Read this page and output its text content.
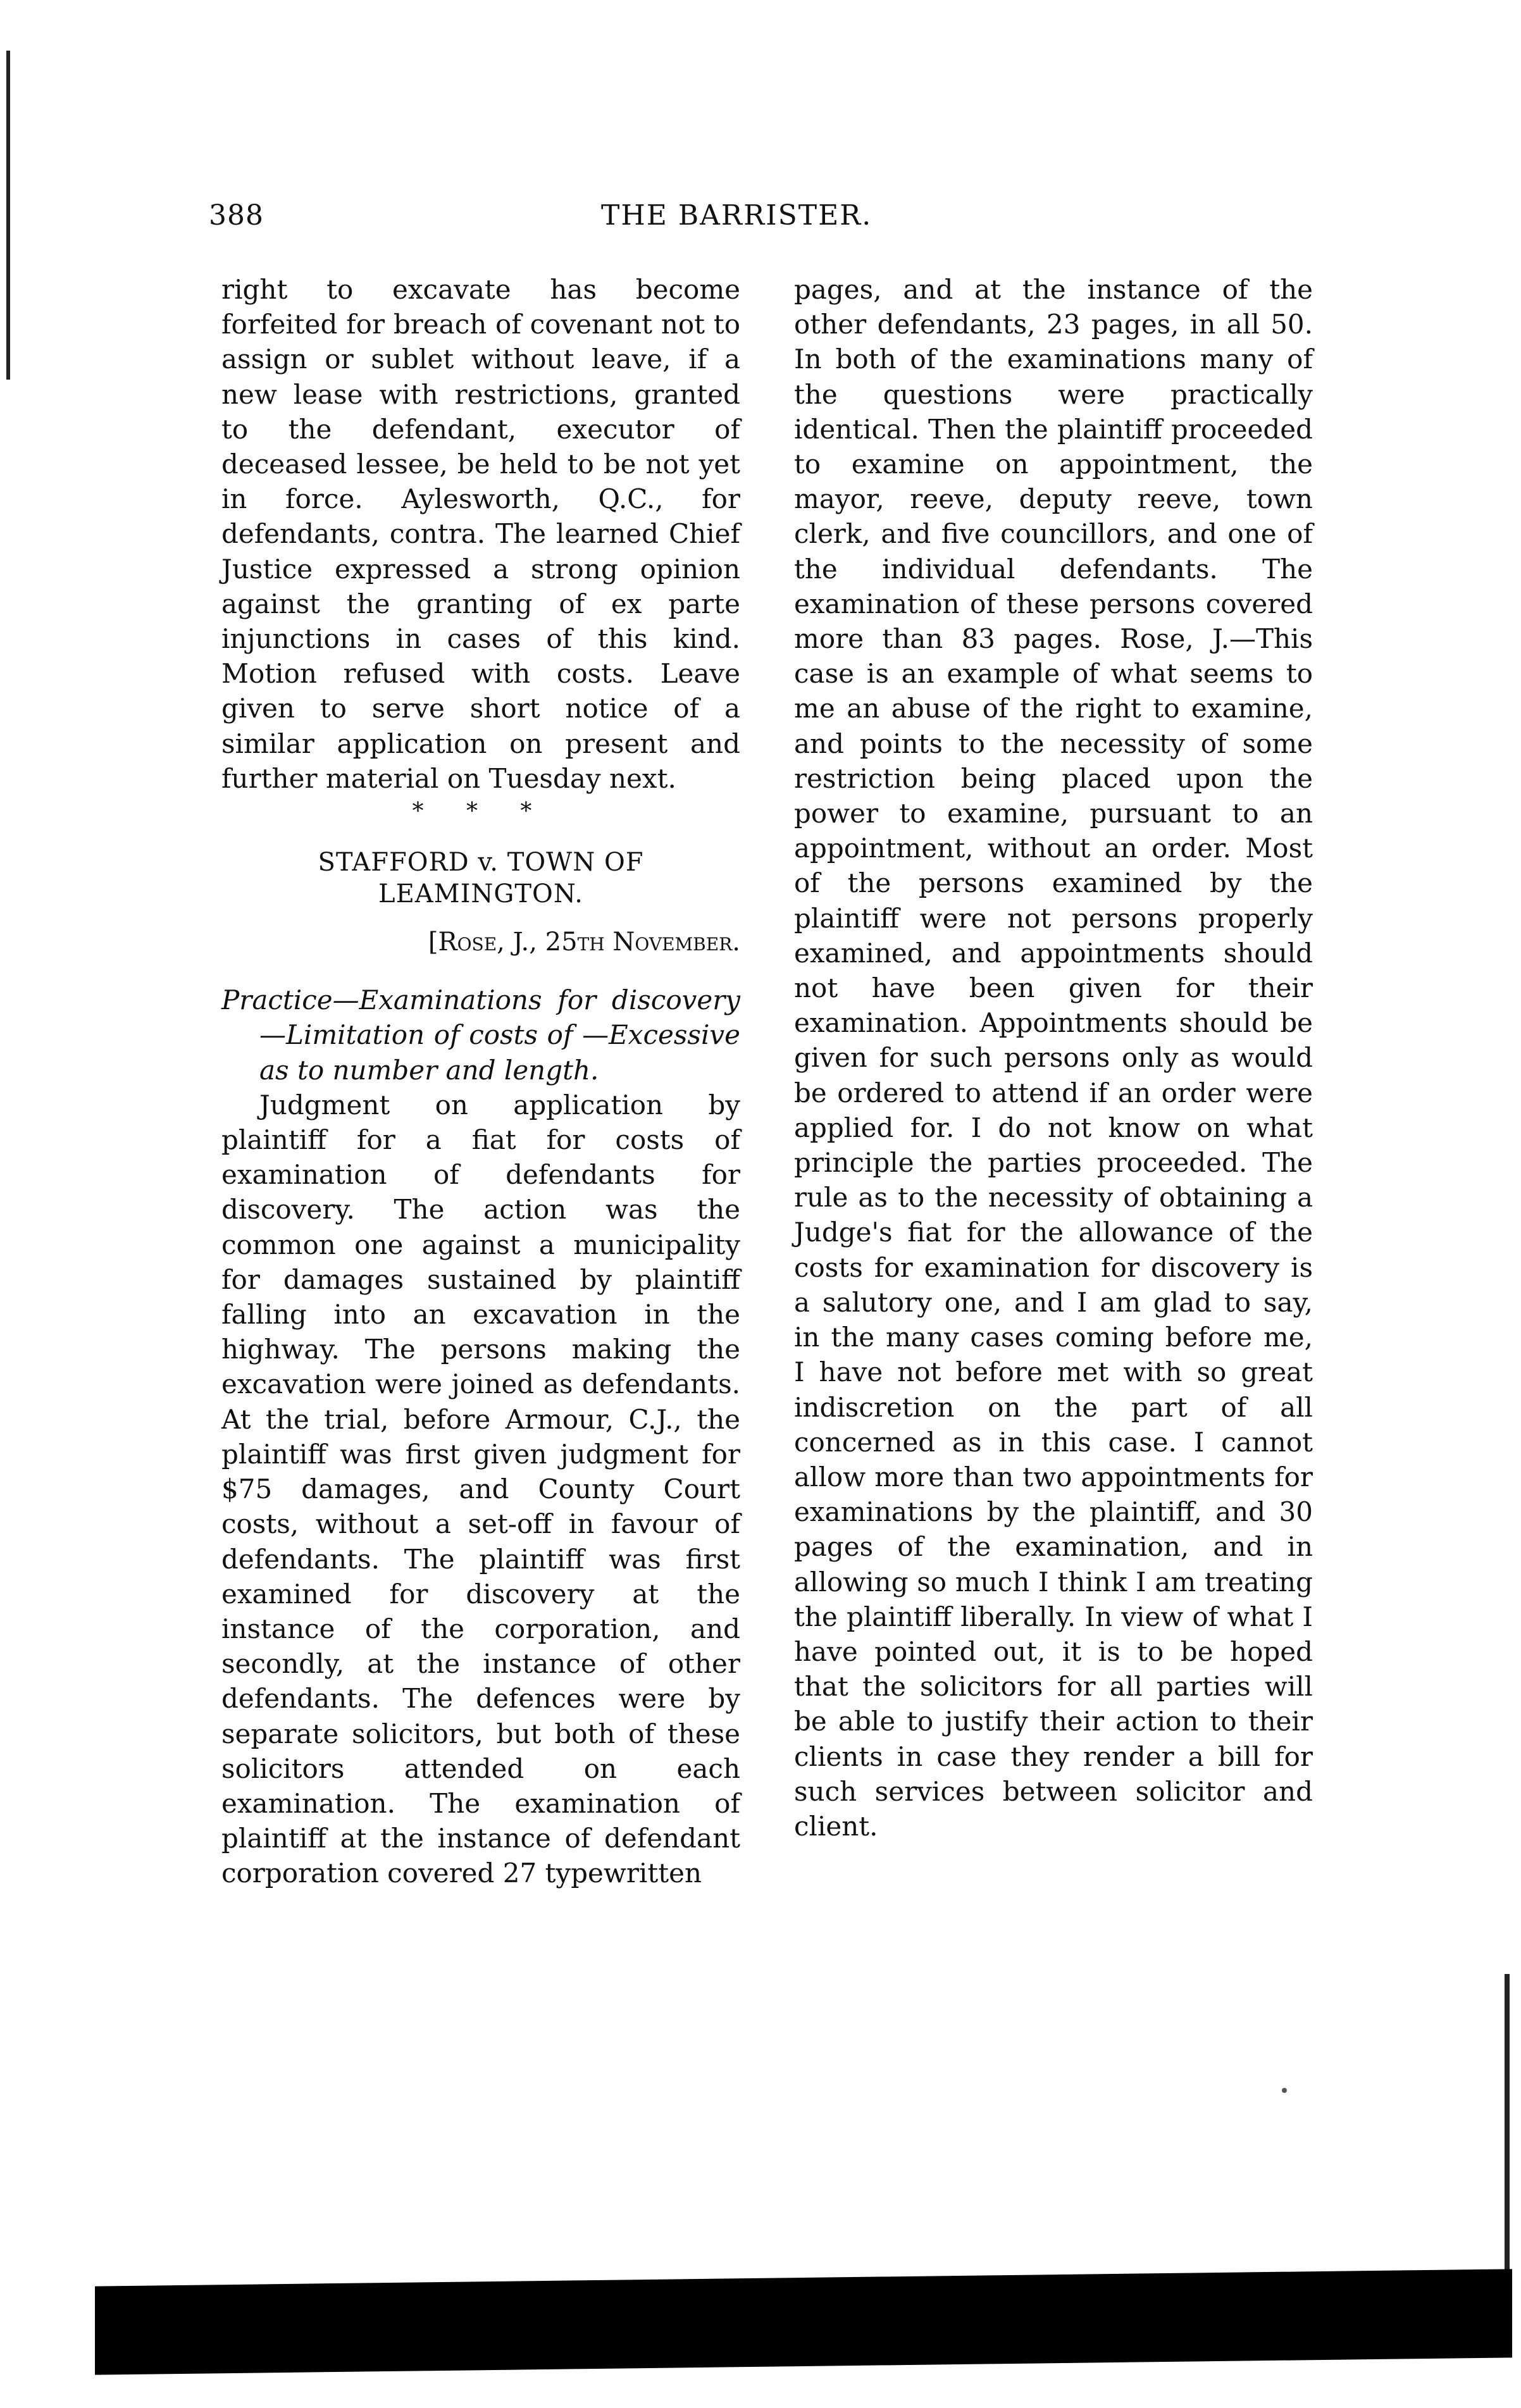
388	THE BARRISTER.

right to excavate has become forfeited for breach of covenant not to assign or sublet without leave, if a new lease with restrictions, granted to the defendant, executor of deceased lessee, be held to be not yet in force. Aylesworth, Q.C., for defendants, contra. The learned Chief Justice expressed a strong opinion against the granting of ex parte injunctions in cases of this kind. Motion refused with costs. Leave given to serve short notice of a similar application on present and further material on Tuesday next.

* * *
STAFFORD v. TOWN OF LEAMINGTON.
[Rose, J., 25th November.

Practice—Examinations for discovery—Limitation of costs of —Excessive as to number and length.

Judgment on application by plaintiff for a fiat for costs of examination of defendants for discovery. The action was the common one against a municipality for damages sustained by plaintiff falling into an excavation in the highway. The persons making the excavation were joined as defendants. At the trial, before Armour, C.J., the plaintiff was first given judgment for $75 damages, and County Court costs, without a set-off in favour of defendants. The plaintiff was first examined for discovery at the instance of the corporation, and secondly, at the instance of other defendants. The defences were by separate solicitors, but both of these solicitors attended on each examination. The examination of plaintiff at the instance of defendant corporation covered 27 typewritten

pages, and at the instance of the other defendants, 23 pages, in all 50. In both of the examinations many of the questions were practically identical. Then the plaintiff proceeded to examine on appointment, the mayor, reeve, deputy reeve, town clerk, and five councillors, and one of the individual defendants. The examination of these persons covered more than 83 pages. Rose, J.—This case is an example of what seems to me an abuse of the right to examine, and points to the necessity of some restriction being placed upon the power to examine, pursuant to an appointment, without an order. Most of the persons examined by the plaintiff were not persons properly examined, and appointments should not have been given for their examination. Appointments should be given for such persons only as would be ordered to attend if an order were applied for. I do not know on what principle the parties proceeded. The rule as to the necessity of obtaining a Judge's fiat for the allowance of the costs for examination for discovery is a salutory one, and I am glad to say, in the many cases coming before me, I have not before met with so great indiscretion on the part of all concerned as in this case. I cannot allow more than two appointments for examinations by the plaintiff, and 30 pages of the examination, and in allowing so much I think I am treating the plaintiff liberally. In view of what I have pointed out, it is to be hoped that the solicitors for all parties will be able to justify their action to their clients in case they render a bill for such services between solicitor and client.
